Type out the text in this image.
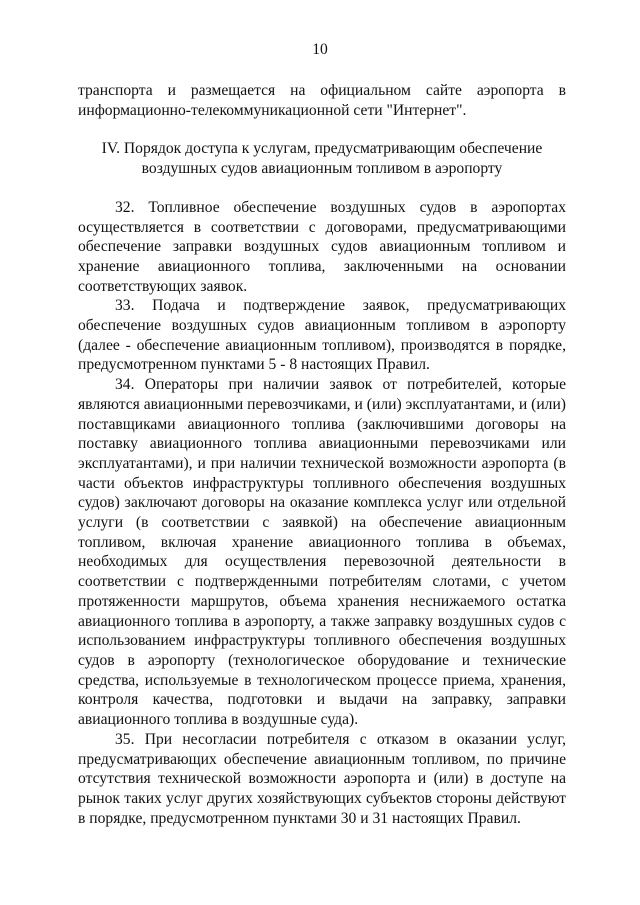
10

транспорта и размещается на официальном сайте аэропорта в информационно-телекоммуникационной сети "Интернет".

IV. Порядок доступа к услугам, предусматривающим обеспечение
воздушных судов авиационным топливом в аэропорту

32. Топливное обеспечение воздушных судов в аэропортах осуществляется в соответствии с договорами, предусматривающими обеспечение заправки воздушных судов авиационным топливом и хранение авиационного топлива, заключенными на основании соответствующих заявок.

33. Подача и подтверждение заявок, предусматривающих обеспечение воздушных судов авиационным топливом в аэропорту (далее - обеспечение авиационным топливом), производятся в порядке, предусмотренном пунктами 5 - 8 настоящих Правил.

34. Операторы при наличии заявок от потребителей, которые являются авиационными перевозчиками, и (или) эксплуатантами, и (или) поставщиками авиационного топлива (заключившими договоры на поставку авиационного топлива авиационными перевозчиками или эксплуатантами), и при наличии технической возможности аэропорта (в части объектов инфраструктуры топливного обеспечения воздушных судов) заключают договоры на оказание комплекса услуг или отдельной услуги (в соответствии с заявкой) на обеспечение авиационным топливом, включая хранение авиационного топлива в объемах, необходимых для осуществления перевозочной деятельности в соответствии с подтвержденными потребителям слотами, с учетом протяженности маршрутов, объема хранения неснижаемого остатка авиационного топлива в аэропорту, а также заправку воздушных судов с использованием инфраструктуры топливного обеспечения воздушных судов в аэропорту (технологическое оборудование и технические средства, используемые в технологическом процессе приема, хранения, контроля качества, подготовки и выдачи на заправку, заправки авиационного топлива в воздушные суда).

35. При несогласии потребителя с отказом в оказании услуг, предусматривающих обеспечение авиационным топливом, по причине отсутствия технической возможности аэропорта и (или) в доступе на рынок таких услуг других хозяйствующих субъектов стороны действуют в порядке, предусмотренном пунктами 30 и 31 настоящих Правил.
